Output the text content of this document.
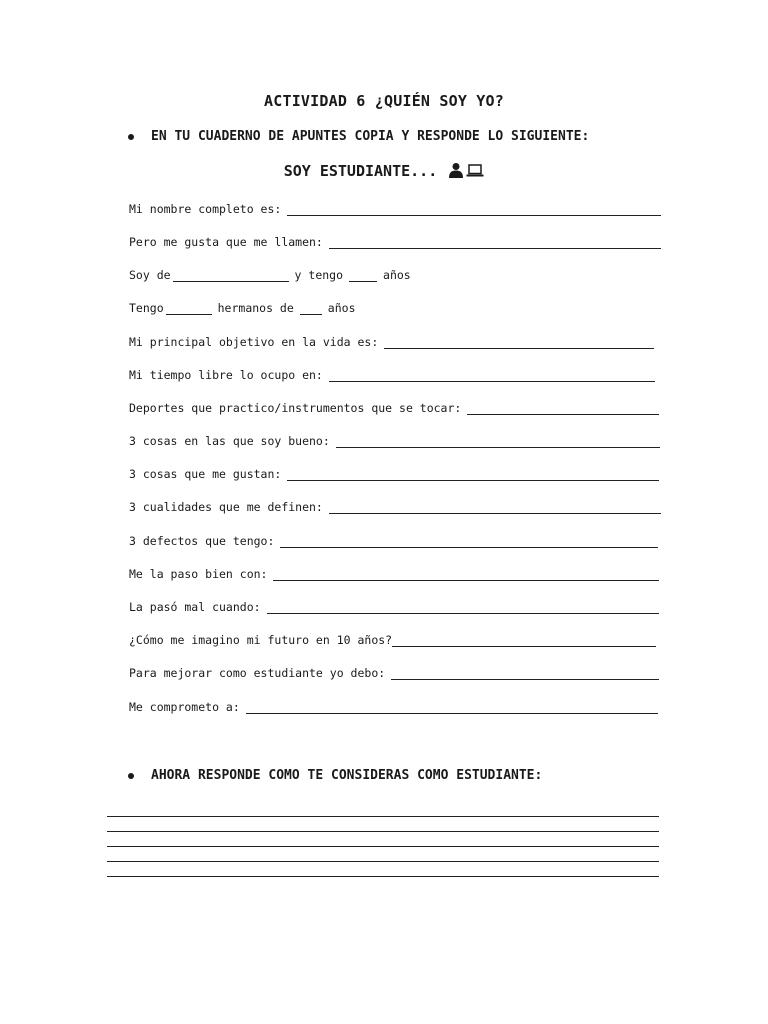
ACTIVIDAD 6 ¿QUIÉN SOY YO?
EN TU CUADERNO DE APUNTES COPIA Y RESPONDE LO SIGUIENTE:
SOY ESTUDIANTE...
Mi nombre completo es:
Pero me gusta que me llamen:
Soy de	y tengo	años
Tengo	hermanos de	años
Mi principal objetivo en la vida es:
Mi tiempo libre lo ocupo en:
Deportes que practico/instrumentos que se tocar:
3 cosas en las que soy bueno:
3 cosas que me gustan:
3 cualidades que me definen:
3 defectos que tengo:
Me la paso bien con:
La pasó mal cuando:
¿Cómo me imagino mi futuro en 10 años?
Para mejorar como estudiante yo debo:
Me comprometo a:
AHORA RESPONDE COMO TE CONSIDERAS COMO ESTUDIANTE:
